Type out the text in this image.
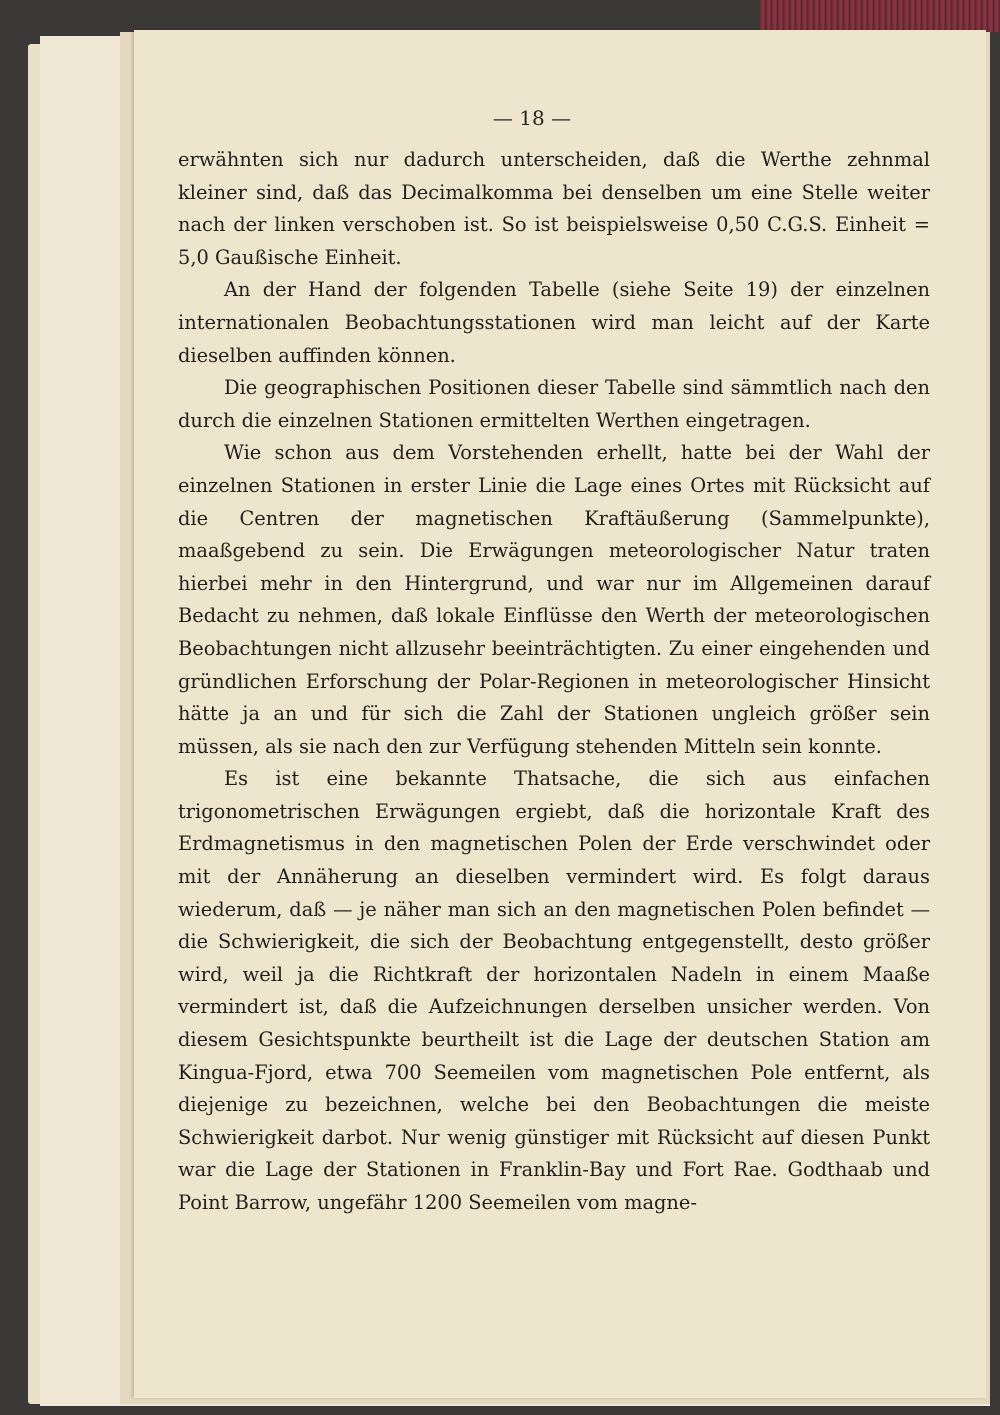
— 18 —

erwähnten sich nur dadurch unterscheiden, daß die Werthe zehnmal kleiner sind, daß das Decimalkomma bei denselben um eine Stelle weiter nach der linken verschoben ist. So ist beispielsweise 0,50 C.G.S. Einheit = 5,0 Gaußische Einheit.

An der Hand der folgenden Tabelle (siehe Seite 19) der einzelnen internationalen Beobachtungsstationen wird man leicht auf der Karte dieselben auffinden können.

Die geographischen Positionen dieser Tabelle sind sämmtlich nach den durch die einzelnen Stationen ermittelten Werthen eingetragen.

Wie schon aus dem Vorstehenden erhellt, hatte bei der Wahl der einzelnen Stationen in erster Linie die Lage eines Ortes mit Rücksicht auf die Centren der magnetischen Kraftäußerung (Sammelpunkte), maaßgebend zu sein. Die Erwägungen meteorologischer Natur traten hierbei mehr in den Hintergrund, und war nur im Allgemeinen darauf Bedacht zu nehmen, daß lokale Einflüsse den Werth der meteorologischen Beobachtungen nicht allzusehr beeinträchtigten. Zu einer eingehenden und gründlichen Erforschung der Polar-Regionen in meteorologischer Hinsicht hätte ja an und für sich die Zahl der Stationen ungleich größer sein müssen, als sie nach den zur Verfügung stehenden Mitteln sein konnte.

Es ist eine bekannte Thatsache, die sich aus einfachen trigonometrischen Erwägungen ergiebt, daß die horizontale Kraft des Erdmagnetismus in den magnetischen Polen der Erde verschwindet oder mit der Annäherung an dieselben vermindert wird. Es folgt daraus wiederum, daß — je näher man sich an den magnetischen Polen befindet — die Schwierigkeit, die sich der Beobachtung entgegenstellt, desto größer wird, weil ja die Richtkraft der horizontalen Nadeln in einem Maaße vermindert ist, daß die Aufzeichnungen derselben unsicher werden. Von diesem Gesichtspunkte beurtheilt ist die Lage der deutschen Station am Kingua-Fjord, etwa 700 Seemeilen vom magnetischen Pole entfernt, als diejenige zu bezeichnen, welche bei den Beobachtungen die meiste Schwierigkeit darbot. Nur wenig günstiger mit Rücksicht auf diesen Punkt war die Lage der Stationen in Franklin-Bay und Fort Rae. Godthaab und Point Barrow, ungefähr 1200 Seemeilen vom magne-
